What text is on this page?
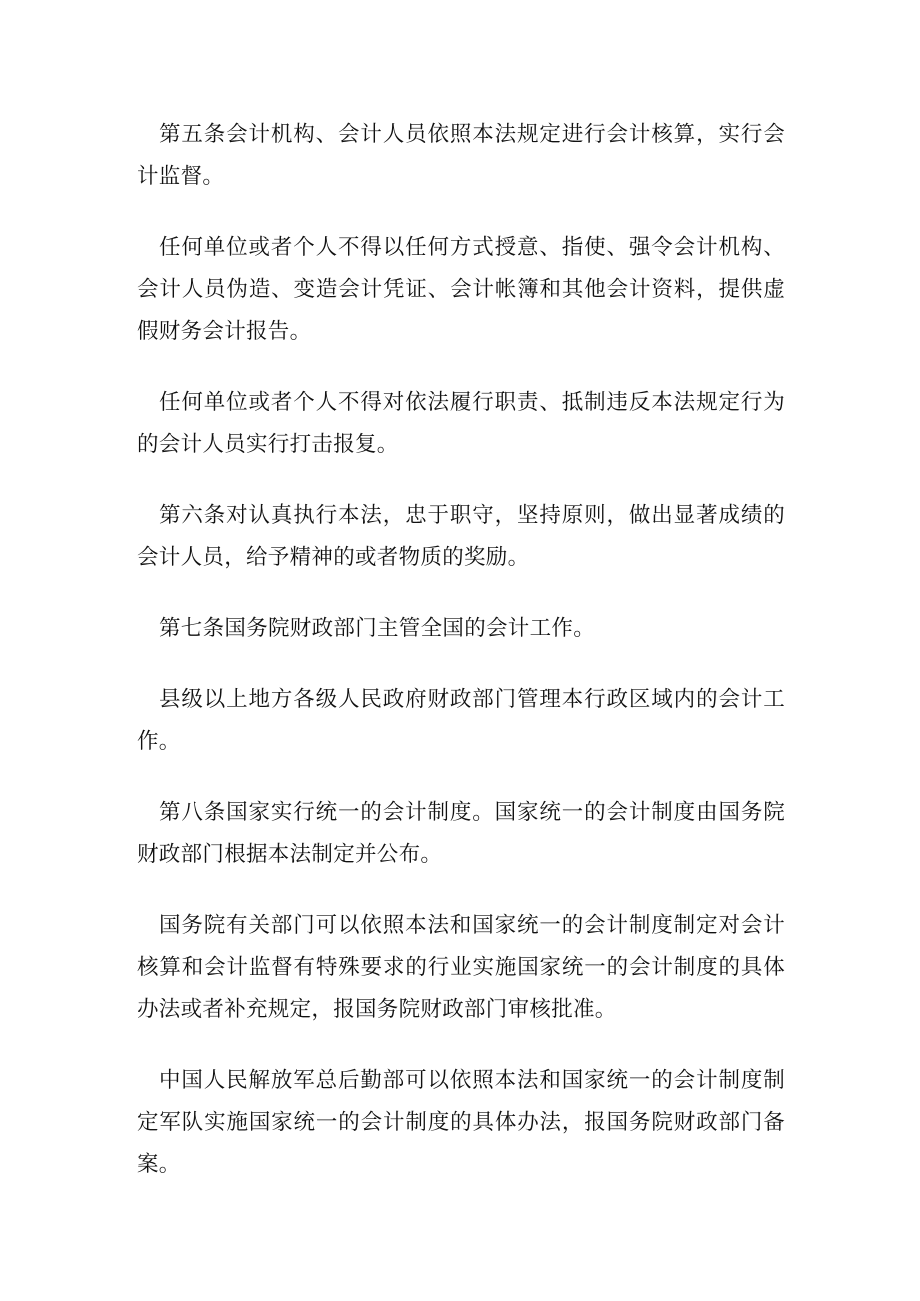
第五条会计机构、会计人员依照本法规定进行会计核算，实行会计监督。

任何单位或者个人不得以任何方式授意、指使、强令会计机构、会计人员伪造、变造会计凭证、会计帐簿和其他会计资料，提供虚假财务会计报告。

任何单位或者个人不得对依法履行职责、抵制违反本法规定行为的会计人员实行打击报复。

第六条对认真执行本法，忠于职守，坚持原则，做出显著成绩的会计人员，给予精神的或者物质的奖励。

第七条国务院财政部门主管全国的会计工作。

县级以上地方各级人民政府财政部门管理本行政区域内的会计工作。

第八条国家实行统一的会计制度。国家统一的会计制度由国务院财政部门根据本法制定并公布。

国务院有关部门可以依照本法和国家统一的会计制度制定对会计核算和会计监督有特殊要求的行业实施国家统一的会计制度的具体办法或者补充规定，报国务院财政部门审核批准。

中国人民解放军总后勤部可以依照本法和国家统一的会计制度制定军队实施国家统一的会计制度的具体办法，报国务院财政部门备案。
